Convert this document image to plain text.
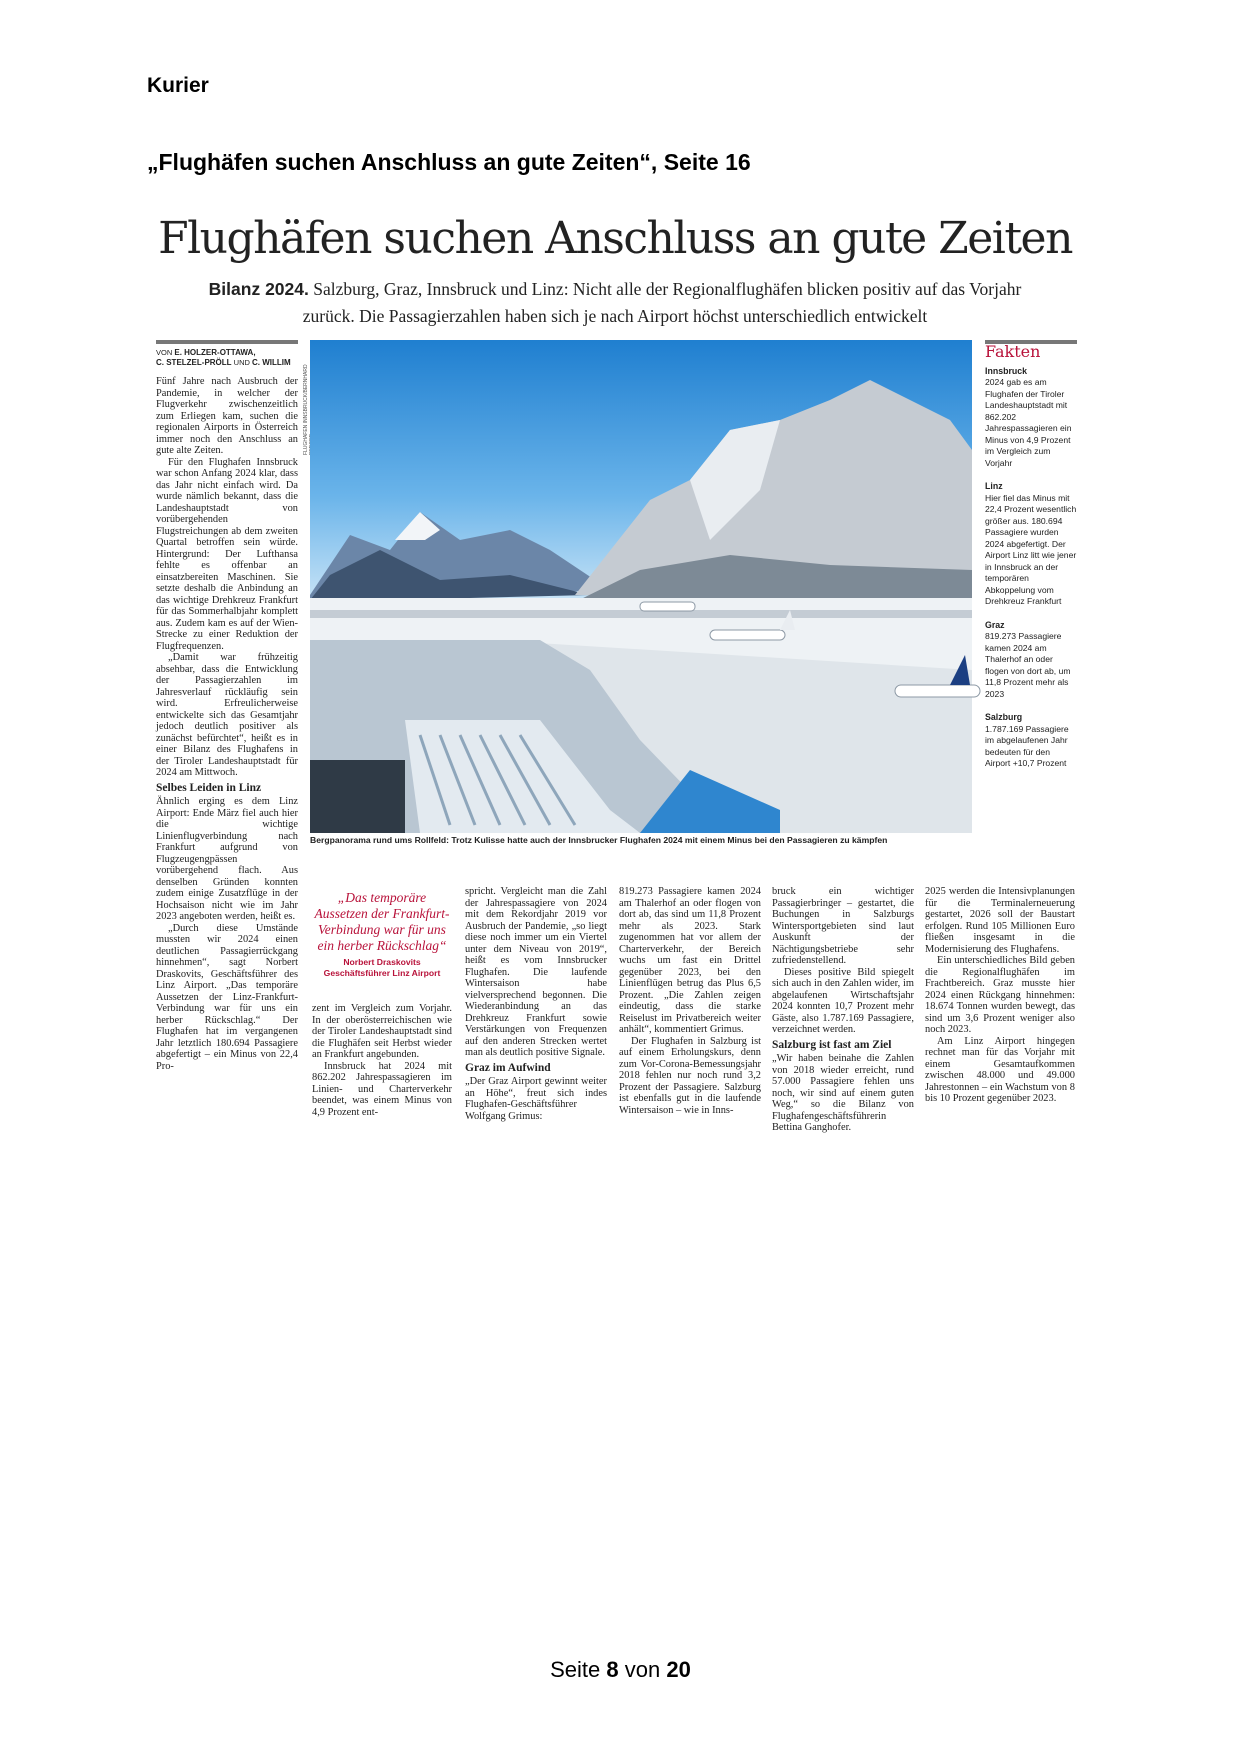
Kurier
„Flughäfen suchen Anschluss an gute Zeiten“, Seite 16
Flughäfen suchen Anschluss an gute Zeiten
Bilanz 2024. Salzburg, Graz, Innsbruck und Linz: Nicht alle der Regionalflughäfen blicken positiv auf das Vorjahr zurück. Die Passagierzahlen haben sich je nach Airport höchst unterschiedlich entwickelt
VON E. HOLZER-OTTAWA,
C. STELZEL-PRÖLL UND C. WILLIM

Fünf Jahre nach Ausbruch der Pandemie, in welcher der Flugverkehr zwischenzeitlich zum Erliegen kam, suchen die regionalen Airports in Österreich immer noch den Anschluss an gute alte Zeiten.

Für den Flughafen Innsbruck war schon Anfang 2024 klar, dass das Jahr nicht einfach wird. Da wurde nämlich bekannt, dass die Landeshauptstadt von vorübergehenden Flugstreichungen ab dem zweiten Quartal betroffen sein würde. Hintergrund: Der Lufthansa fehlte es offenbar an einsatzbereiten Maschinen. Sie setzte deshalb die Anbindung an das wichtige Drehkreuz Frankfurt für das Sommerhalbjahr komplett aus. Zudem kam es auf der Wien-Strecke zu einer Reduktion der Flugfrequenzen.

„Damit war frühzeitig absehbar, dass die Entwicklung der Passagierzahlen im Jahresverlauf rückläufig sein wird. Erfreulicherweise entwickelte sich das Gesamtjahr jedoch deutlich positiver als zunächst befürchtet“, heißt es in einer Bilanz des Flughafens in der Tiroler Landeshauptstadt für 2024 am Mittwoch.

Selbes Leiden in Linz

Ähnlich erging es dem Linz Airport: Ende März fiel auch hier die wichtige Linienflugverbindung nach Frankfurt aufgrund von Flugzeugengpässen vorübergehend flach. Aus denselben Gründen konnten zudem einige Zusatzflüge in der Hochsaison nicht wie im Jahr 2023 angeboten werden, heißt es.

„Durch diese Umstände mussten wir 2024 einen deutlichen Passagierrückgang hinnehmen“, sagt Norbert Draskovits, Geschäftsführer des Linz Airport. „Das temporäre Aussetzen der Linz-Frankfurt-Verbindung war für uns ein herber Rückschlag.“ Der Flughafen hat im vergangenen Jahr letztlich 180.694 Passagiere abgefertigt – ein Minus von 22,4 Pro-

FLUGHAFEN INNSBRUCK/BERNHARD
Bergpanorama rund ums Rollfeld: Trotz Kulisse hatte auch der Innsbrucker Flughafen 2024 mit einem Minus bei den Passagieren zu kämpfen
Fakten
Innsbruck

2024 gab es am Flughafen der Tiroler Landeshauptstadt mit 862.202 Jahrespassagieren ein Minus von 4,9 Prozent im Vergleich zum Vorjahr

Linz

Hier fiel das Minus mit 22,4 Prozent wesentlich größer aus. 180.694 Passagiere wurden 2024 abgefertigt. Der Airport Linz litt wie jener in Innsbruck an der temporären Abkoppelung vom Drehkreuz Frankfurt

Graz

819.273 Passagiere kamen 2024 am Thalerhof an oder flogen von dort ab, um 11,8 Prozent mehr als 2023

Salzburg

1.787.169 Passagiere im abgelaufenen Jahr bedeuten für den Airport +10,7 Prozent

„Das temporäre Aussetzen der Frankfurt-Verbindung war für uns ein herber Rückschlag“
Norbert Draskovits
Geschäftsführer Linz Airport

zent im Vergleich zum Vorjahr. In der oberösterreichischen wie der Tiroler Landeshauptstadt sind die Flughäfen seit Herbst wieder an Frankfurt angebunden.

Innsbruck hat 2024 mit 862.202 Jahrespassagieren im Linien- und Charterverkehr beendet, was einem Minus von 4,9 Prozent ent-

spricht. Vergleicht man die Zahl der Jahrespassagiere von 2024 mit dem Rekordjahr 2019 vor Ausbruch der Pandemie, „so liegt diese noch immer um ein Viertel unter dem Niveau von 2019“, heißt es vom Innsbrucker Flughafen. Die laufende Wintersaison habe vielversprechend begonnen. Die Wiederanbindung an das Drehkreuz Frankfurt sowie Verstärkungen von Frequenzen auf den anderen Strecken wertet man als deutlich positive Signale.

Graz im Aufwind

„Der Graz Airport gewinnt weiter an Höhe“, freut sich indes Flughafen-Geschäftsführer Wolfgang Grimus:

819.273 Passagiere kamen 2024 am Thalerhof an oder flogen von dort ab, das sind um 11,8 Prozent mehr als 2023. Stark zugenommen hat vor allem der Charterverkehr, der Bereich wuchs um fast ein Drittel gegenüber 2023, bei den Linienflügen betrug das Plus 6,5 Prozent. „Die Zahlen zeigen eindeutig, dass die starke Reiselust im Privatbereich weiter anhält“, kommentiert Grimus.

Der Flughafen in Salzburg ist auf einem Erholungskurs, denn zum Vor-Corona-Bemessungsjahr 2018 fehlen nur noch rund 3,2 Prozent der Passagiere. Salzburg ist ebenfalls gut in die laufende Wintersaison – wie in Inns-

bruck ein wichtiger Passagierbringer – gestartet, die Buchungen in Salzburgs Wintersportgebieten sind laut Auskunft der Nächtigungsbetriebe sehr zufriedenstellend.

Dieses positive Bild spiegelt sich auch in den Zahlen wider, im abgelaufenen Wirtschaftsjahr 2024 konnten 10,7 Prozent mehr Gäste, also 1.787.169 Passagiere, verzeichnet werden.

Salzburg ist fast am Ziel

„Wir haben beinahe die Zahlen von 2018 wieder erreicht, rund 57.000 Passagiere fehlen uns noch, wir sind auf einem guten Weg,“ so die Bilanz von Flughafengeschäftsführerin Bettina Ganghofer.

2025 werden die Intensivplanungen für die Terminalerneuerung gestartet, 2026 soll der Baustart erfolgen. Rund 105 Millionen Euro fließen insgesamt in die Modernisierung des Flughafens.

Ein unterschiedliches Bild geben die Regionalflughäfen im Frachtbereich. Graz musste hier 2024 einen Rückgang hinnehmen: 18.674 Tonnen wurden bewegt, das sind um 3,6 Prozent weniger also noch 2023.

Am Linz Airport hingegen rechnet man für das Vorjahr mit einem Gesamtaufkommen zwischen 48.000 und 49.000 Jahrestonnen – ein Wachstum von 8 bis 10 Prozent gegenüber 2023.

Seite 8 von 20
